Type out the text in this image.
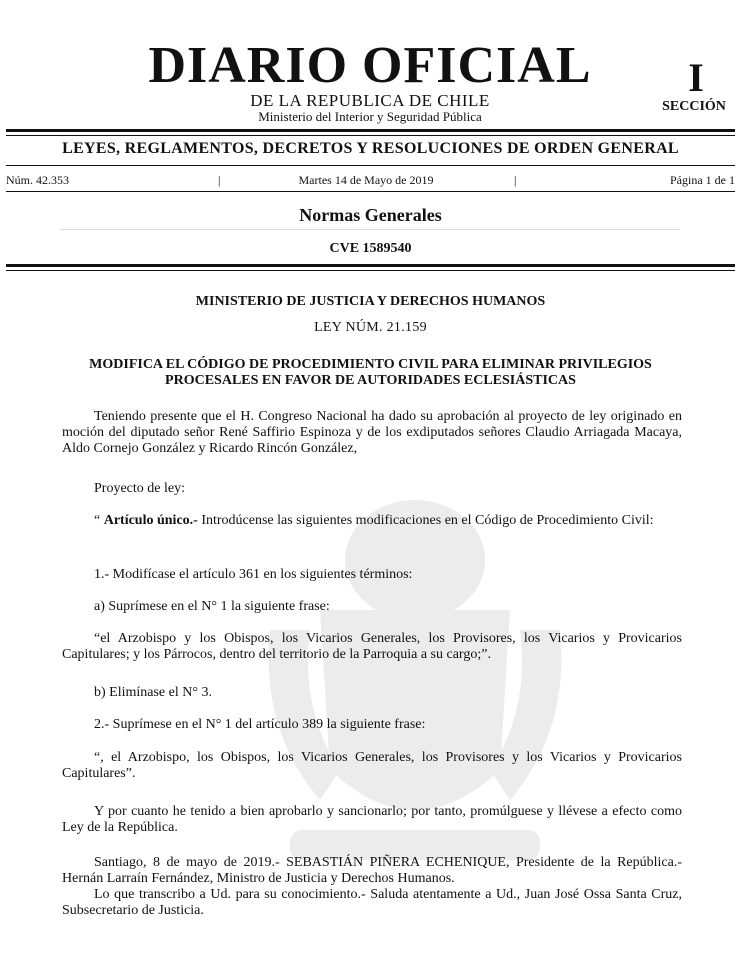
DIARIO OFICIAL
DE LA REPUBLICA DE CHILE
Ministerio del Interior y Seguridad Pública
I
SECCIÓN
LEYES, REGLAMENTOS, DECRETOS Y RESOLUCIONES DE ORDEN GENERAL
Núm. 42.353	|	Martes 14 de Mayo de 2019	|	Página 1 de 1
Normas Generales
CVE 1589540
MINISTERIO DE JUSTICIA Y DERECHOS HUMANOS
LEY NÚM. 21.159
MODIFICA EL CÓDIGO DE PROCEDIMIENTO CIVIL PARA ELIMINAR PRIVILEGIOS PROCESALES EN FAVOR DE AUTORIDADES ECLESIÁSTICAS
Teniendo presente que el H. Congreso Nacional ha dado su aprobación al proyecto de ley originado en moción del diputado señor René Saffirio Espinoza y de los exdiputados señores Claudio Arriagada Macaya, Aldo Cornejo González y Ricardo Rincón González,
Proyecto de ley:
“ Artículo único.- Introdúcense las siguientes modificaciones en el Código de Procedimiento Civil:
1.- Modifícase el artículo 361 en los siguientes términos:
a) Suprímese en el N° 1 la siguiente frase:
“el Arzobispo y los Obispos, los Vicarios Generales, los Provisores, los Vicarios y Provicarios Capitulares; y los Párrocos, dentro del territorio de la Parroquia a su cargo;”.
b) Elimínase el N° 3.
2.- Suprímese en el N° 1 del artículo 389 la siguiente frase:
“, el Arzobispo, los Obispos, los Vicarios Generales, los Provisores y los Vicarios y Provicarios Capitulares”.
Y por cuanto he tenido a bien aprobarlo y sancionarlo; por tanto, promúlguese y llévese a efecto como Ley de la República.
Santiago, 8 de mayo de 2019.- SEBASTIÁN PIÑERA ECHENIQUE, Presidente de la República.- Hernán Larraín Fernández, Ministro de Justicia y Derechos Humanos.
Lo que transcribo a Ud. para su conocimiento.- Saluda atentamente a Ud., Juan José Ossa Santa Cruz, Subsecretario de Justicia.
